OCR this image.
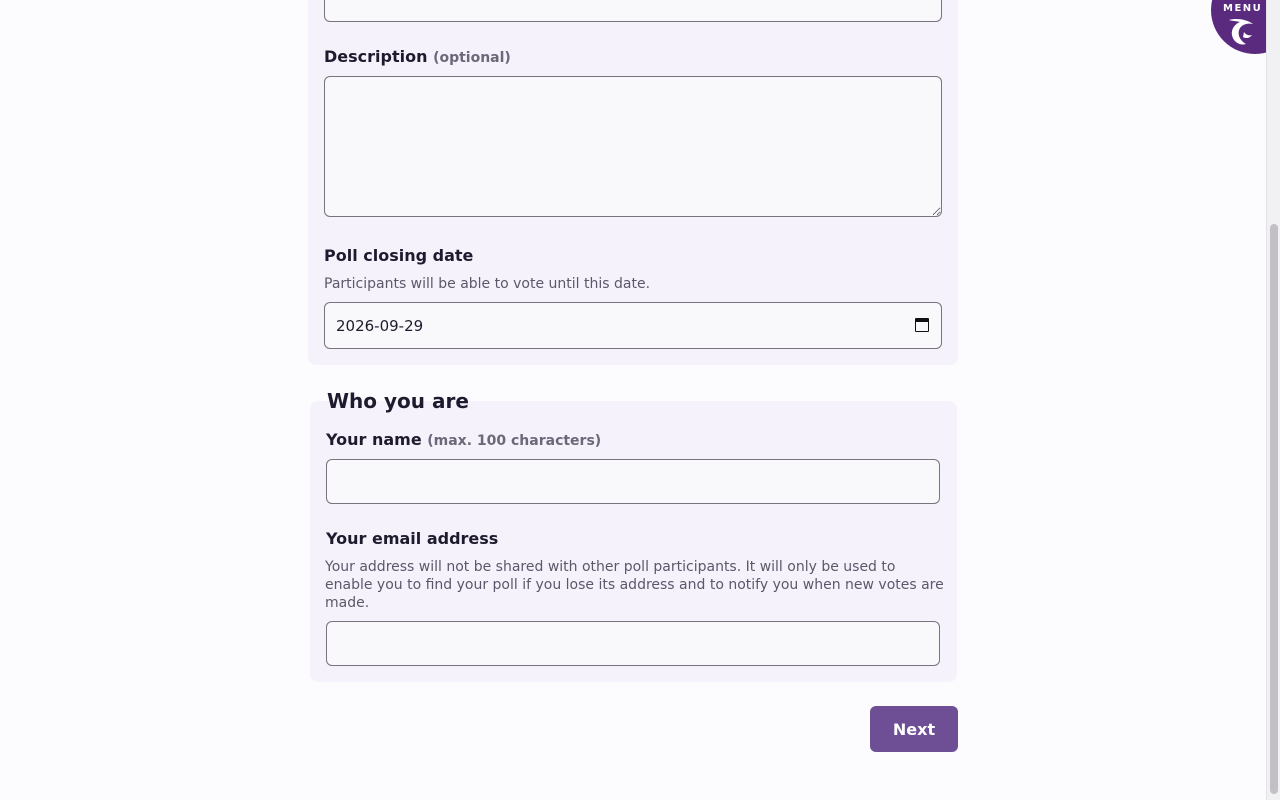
Description (optional)
Poll closing date
Participants will be able to vote until this date.
2026-09-29
Who you are
Your name (max. 100 characters)
Your email address
Your address will not be shared with other poll participants. It will only be used to enable you to find your poll if you lose its address and to notify you when new votes are made.
Next
MENU
